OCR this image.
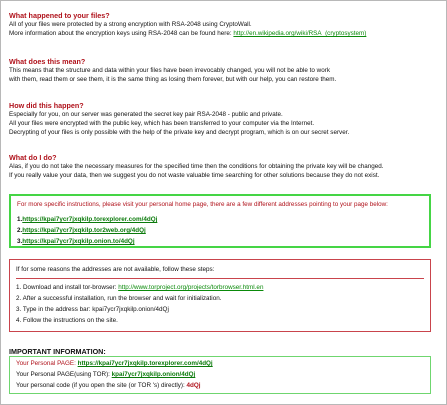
What happened to your files?
All of your files were protected by a strong encryption with RSA-2048 using CryptoWall.
More information about the encryption keys using RSA-2048 can be found here: http://en.wikipedia.org/wiki/RSA_(cryptosystem)
What does this mean?
This means that the structure and data within your files have been irrevocably changed, you will not be able to work
with them, read them or see them, it is the same thing as losing them forever, but with our help, you can restore them.
How did this happen?
Especially for you, on our server was generated the secret key pair RSA-2048 - public and private.
All your files were encrypted with the public key, which has been transferred to your computer via the Internet.
Decrypting of your files is only possible with the help of the private key and decrypt program, which is on our secret server.
What do I do?
Alas, if you do not take the necessary measures for the specified time then the conditions for obtaining the private key will be changed.
If you really value your data, then we suggest you do not waste valuable time searching for other solutions because they do not exist.
For more specific instructions, please visit your personal home page, there are a few different addresses pointing to your page below:
1.https://kpai7ycr7jxqkilp.torexplorer.com/4dQj
2.https://kpai7ycr7jxqkilp.tor2web.org/4dQj
3.https://kpai7ycr7jxqkilp.onion.to/4dQj
If for some reasons the addresses are not available, follow these steps:
1. Download and install tor-browser: http://www.torproject.org/projects/torbrowser.html.en
2. After a successful installation, run the browser and wait for initialization.
3. Type in the address bar: kpai7ycr7jxqkilp.onion/4dQj
4. Follow the instructions on the site.
IMPORTANT INFORMATION:
Your Personal PAGE: https://kpai7ycr7jxqkilp.torexplorer.com/4dQj
Your Personal PAGE(using TOR): kpai7ycr7jxqkilp.onion/4dQj
Your personal code (if you open the site (or TOR 's) directly): 4dQj
